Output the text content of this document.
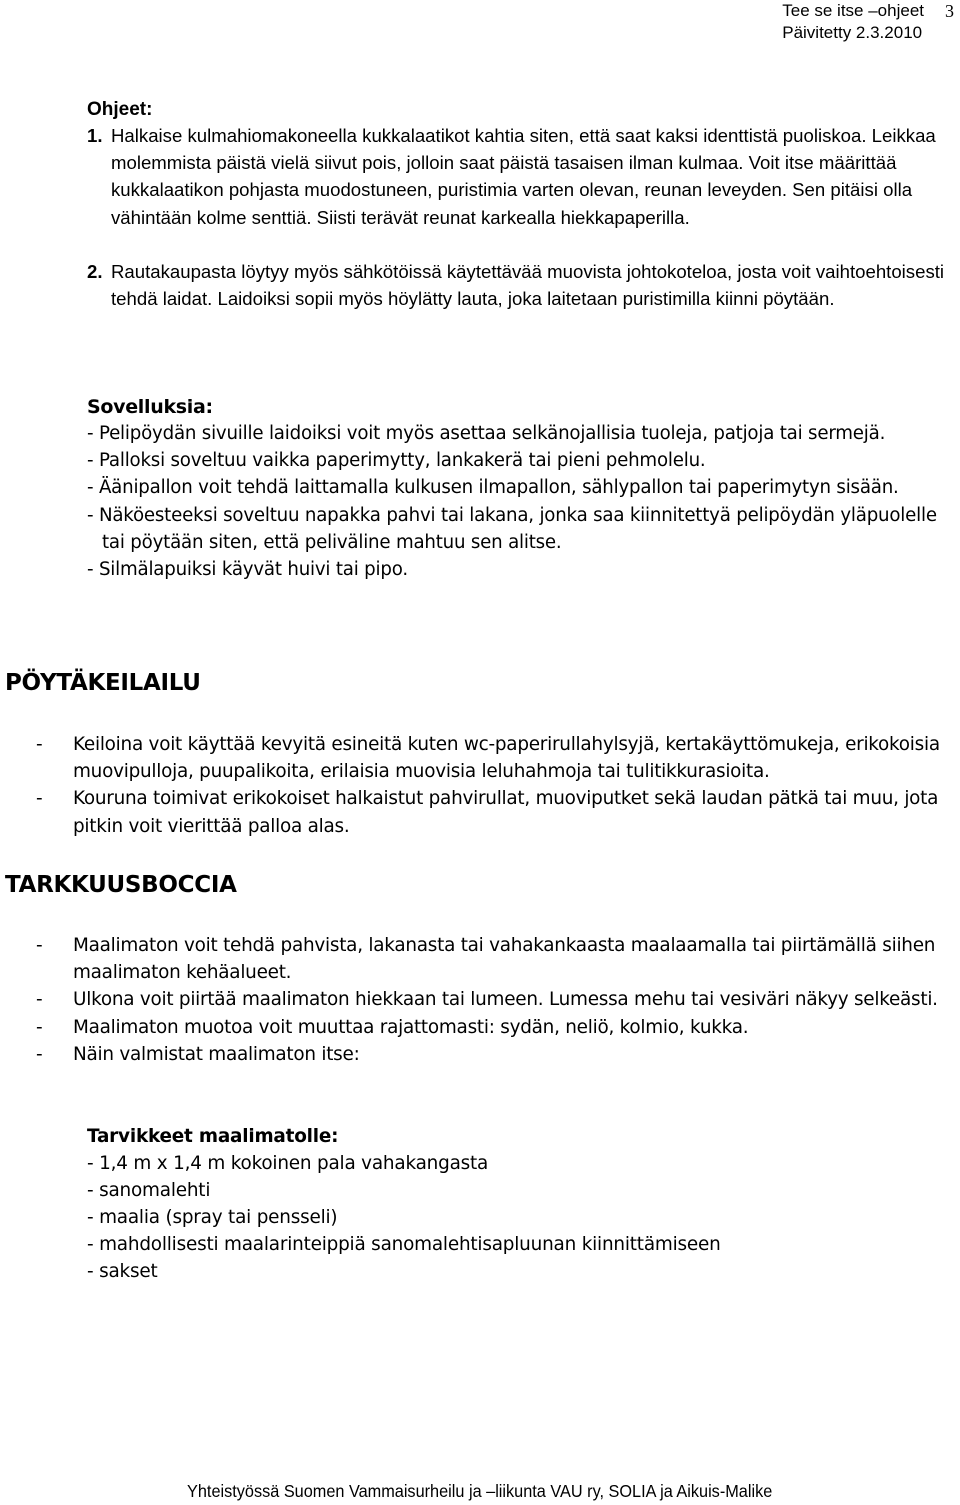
Tee se itse –ohjeet
Päivitetty 2.3.2010
3
Ohjeet:
1. Halkaise kulmahiomakoneella kukkalaatikot kahtia siten, että saat kaksi identtistä puoliskoa. Leikkaa molemmista päistä vielä siivut pois, jolloin saat päistä tasaisen ilman kulmaa. Voit itse määrittää kukkalaatikon pohjasta muodostuneen, puristimia varten olevan, reunan leveyden. Sen pitäisi olla vähintään kolme senttiä. Siisti terävät reunat karkealla hiekkapaperilla.
2. Rautakaupasta löytyy myös sähkötöissä käytettävää muovista johtokoteloa, josta voit vaihtoehtoisesti tehdä laidat. Laidoiksi sopii myös höylätty lauta, joka laitetaan puristimilla kiinni pöytään.
Sovelluksia:
- Pelipöydän sivuille laidoiksi voit myös asettaa selkänojallisia tuoleja, patjoja tai sermejä.
- Palloksi soveltuu vaikka paperimytty, lankakerä tai pieni pehmolelu.
- Äänipallon voit tehdä laittamalla kulkusen ilmapallon, sählypallon tai paperimytyn sisään.
- Näköesteeksi soveltuu napakka pahvi tai lakana, jonka saa kiinnitettyä pelipöydän yläpuolelle tai pöytään siten, että peliväline mahtuu sen alitse.
- Silmälapuiksi käyvät huivi tai pipo.
PÖYTÄKEILAILU
- Keiloina voit käyttää kevyitä esineitä kuten wc-paperirullahylsyjä, kertakäyttömukeja, erikokoisia muovipulloja, puupalikoita, erilaisia muovisia leluhahmoja tai tulitikkurasioita.
- Kouruna toimivat erikokoiset halkaistut pahvirullat, muoviputket sekä laudan pätkä tai muu, jota pitkin voit vierittää palloa alas.
TARKKUUSBOCCIA
- Maalimaton voit tehdä pahvista, lakanasta tai vahakankaasta maalaamalla tai piirtämällä siihen maalimaton kehäalueet.
- Ulkona voit piirtää maalimaton hiekkaan tai lumeen. Lumessa mehu tai vesiväri näkyy selkeästi.
- Maalimaton muotoa voit muuttaa rajattomasti: sydän, neliö, kolmio, kukka.
- Näin valmistat maalimaton itse:
Tarvikkeet maalimatolle:
- 1,4 m x 1,4 m kokoinen pala vahakangasta
- sanomalehti
- maalia (spray tai pensseli)
- mahdollisesti maalarinteippiä sanomalehtisapluunan kiinnittämiseen
- sakset
Yhteistyössä Suomen Vammaisurheilu ja –liikunta VAU ry, SOLIA ja Aikuis-Malike
